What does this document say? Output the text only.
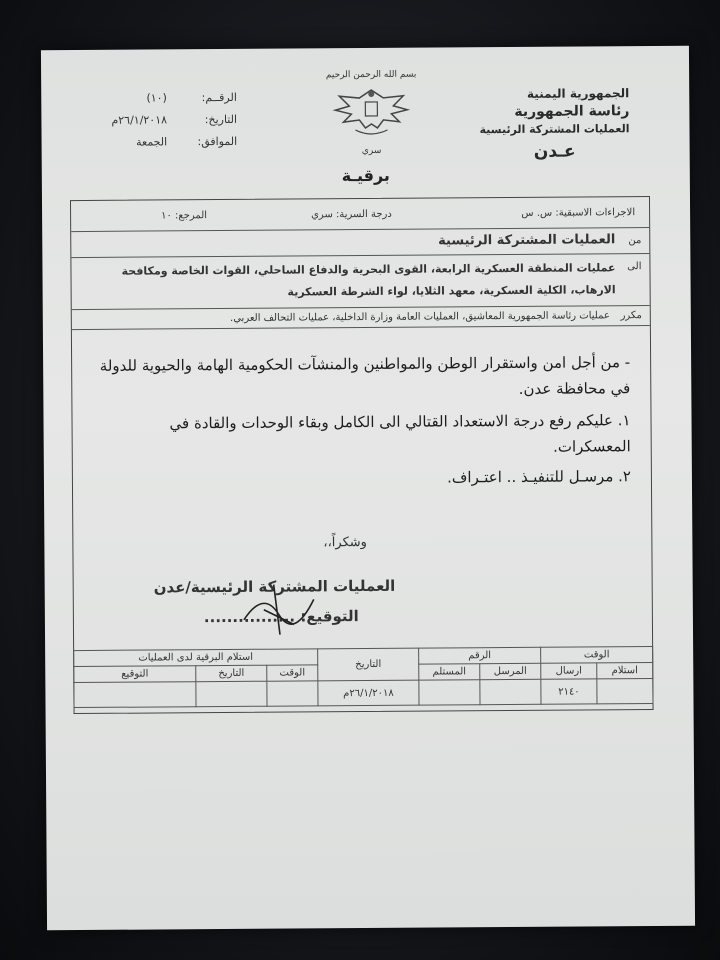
الجمهورية اليمنية
رئاسة الجمهورية
العمليات المشتركة الرئيسية
عـدن
بسم الله الرحمن الرحيم
سري
الرقــم:
(١٠)
التاريخ:
٢٦/١/٢٠١٨م
الموافق:
الجمعة
برقيـة
الاجراءات الاسبقية: س. س
درجة السرية: سري
المرجع: ١٠
من
العمليات المشتركة الرئيسية
الى
عمليات المنطقة العسكرية الرابعة، القوى البحرية والدفاع الساحلي، القوات الخاصة ومكافحة الارهاب، الكلية العسكرية، معهد الثلايا، لواء الشرطة العسكرية
مكرر
عمليات رئاسة الجمهورية المعاشيق، العمليات العامة وزارة الداخلية، عمليات التحالف العربي.
- من أجل امن واستقرار الوطن والمواطنين والمنشآت الحكومية الهامة والحيوية للدولة في محافظة عدن.
١. عليكم رفع درجة الاستعداد القتالي الى الكامل وبقاء الوحدات والقادة في المعسكرات.
٢. مرسـل للتنفيـذ .. اعتـراف.
وشكراً،،
العمليات المشتركة الرئيسية/عدن
التوقيع: ................
الوقت		الرقم		التاريخ	استلام البرقية لدى العمليات		
استلام	ارسال	المرسل	المستلم		الوقت	التاريخ	التوقيع
	٢١٤٠			٢٦/١/٢٠١٨م			
